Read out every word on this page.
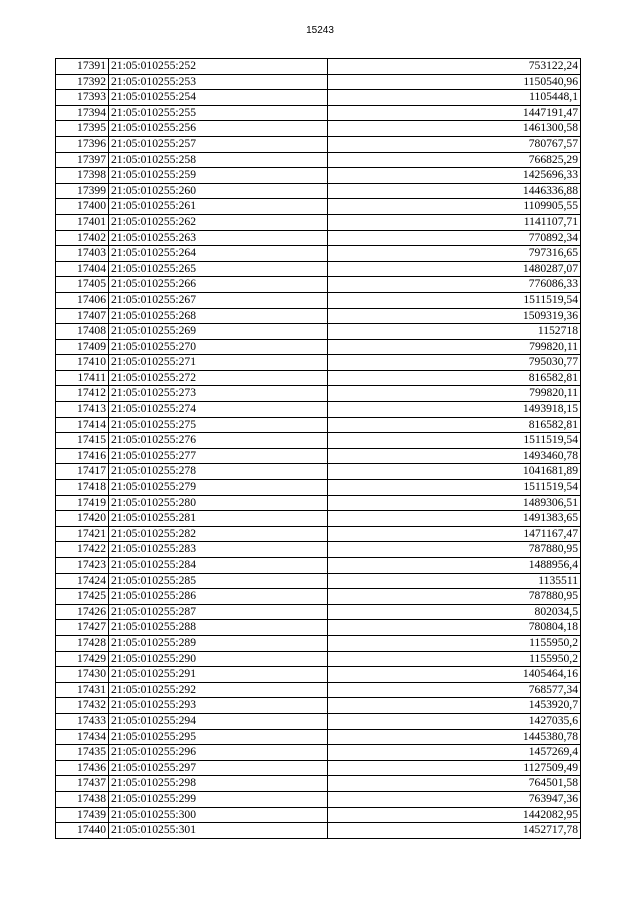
15243
17391	21:05:010255:252	753122,24
17392	21:05:010255:253	1150540,96
17393	21:05:010255:254	1105448,1
17394	21:05:010255:255	1447191,47
17395	21:05:010255:256	1461300,58
17396	21:05:010255:257	780767,57
17397	21:05:010255:258	766825,29
17398	21:05:010255:259	1425696,33
17399	21:05:010255:260	1446336,88
17400	21:05:010255:261	1109905,55
17401	21:05:010255:262	1141107,71
17402	21:05:010255:263	770892,34
17403	21:05:010255:264	797316,65
17404	21:05:010255:265	1480287,07
17405	21:05:010255:266	776086,33
17406	21:05:010255:267	1511519,54
17407	21:05:010255:268	1509319,36
17408	21:05:010255:269	1152718
17409	21:05:010255:270	799820,11
17410	21:05:010255:271	795030,77
17411	21:05:010255:272	816582,81
17412	21:05:010255:273	799820,11
17413	21:05:010255:274	1493918,15
17414	21:05:010255:275	816582,81
17415	21:05:010255:276	1511519,54
17416	21:05:010255:277	1493460,78
17417	21:05:010255:278	1041681,89
17418	21:05:010255:279	1511519,54
17419	21:05:010255:280	1489306,51
17420	21:05:010255:281	1491383,65
17421	21:05:010255:282	1471167,47
17422	21:05:010255:283	787880,95
17423	21:05:010255:284	1488956,4
17424	21:05:010255:285	1135511
17425	21:05:010255:286	787880,95
17426	21:05:010255:287	802034,5
17427	21:05:010255:288	780804,18
17428	21:05:010255:289	1155950,2
17429	21:05:010255:290	1155950,2
17430	21:05:010255:291	1405464,16
17431	21:05:010255:292	768577,34
17432	21:05:010255:293	1453920,7
17433	21:05:010255:294	1427035,6
17434	21:05:010255:295	1445380,78
17435	21:05:010255:296	1457269,4
17436	21:05:010255:297	1127509,49
17437	21:05:010255:298	764501,58
17438	21:05:010255:299	763947,36
17439	21:05:010255:300	1442082,95
17440	21:05:010255:301	1452717,78
